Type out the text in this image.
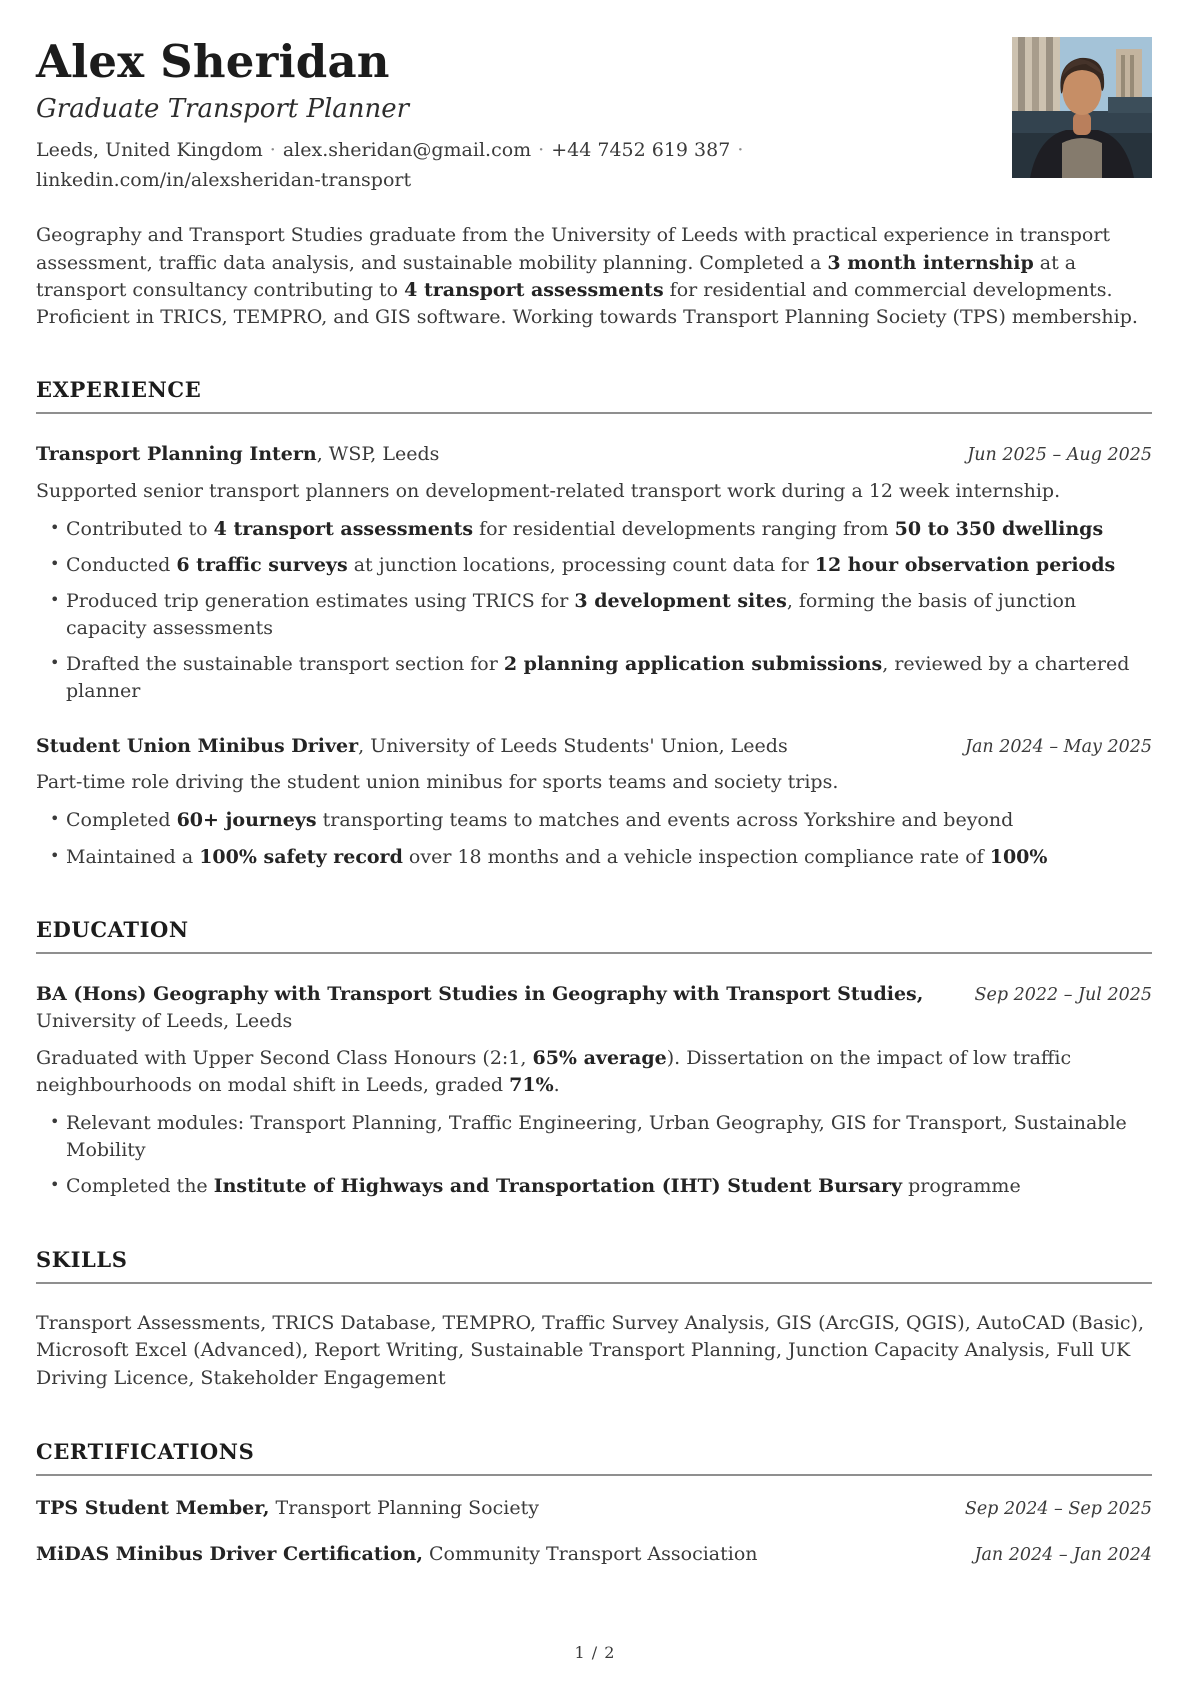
Alex Sheridan
Graduate Transport Planner
Leeds, United Kingdom · alex.sheridan@gmail.com · +44 7452 619 387 ·
linkedin.com/in/alexsheridan-transport

Geography and Transport Studies graduate from the University of Leeds with practical experience in transport assessment, traffic data analysis, and sustainable mobility planning. Completed a 3 month internship at a transport consultancy contributing to 4 transport assessments for residential and commercial developments. Proficient in TRICS, TEMPRO, and GIS software. Working towards Transport Planning Society (TPS) membership.

EXPERIENCE
Transport Planning Intern, WSP, Leeds	Jun 2025 – Aug 2025
Supported senior transport planners on development-related transport work during a 12 week internship.
• Contributed to 4 transport assessments for residential developments ranging from 50 to 350 dwellings
• Conducted 6 traffic surveys at junction locations, processing count data for 12 hour observation periods
• Produced trip generation estimates using TRICS for 3 development sites, forming the basis of junction capacity assessments
• Drafted the sustainable transport section for 2 planning application submissions, reviewed by a chartered planner
Student Union Minibus Driver, University of Leeds Students' Union, Leeds	Jan 2024 – May 2025
Part-time role driving the student union minibus for sports teams and society trips.
• Completed 60+ journeys transporting teams to matches and events across Yorkshire and beyond
• Maintained a 100% safety record over 18 months and a vehicle inspection compliance rate of 100%
EDUCATION
BA (Hons) Geography with Transport Studies in Geography with Transport Studies, University of Leeds, Leeds
Sep 2022 – Jul 2025
Graduated with Upper Second Class Honours (2:1, 65% average). Dissertation on the impact of low traffic neighbourhoods on modal shift in Leeds, graded 71%.
• Relevant modules: Transport Planning, Traffic Engineering, Urban Geography, GIS for Transport, Sustainable Mobility
• Completed the Institute of Highways and Transportation (IHT) Student Bursary programme
SKILLS

Transport Assessments, TRICS Database, TEMPRO, Traffic Survey Analysis, GIS (ArcGIS, QGIS), AutoCAD (Basic), Microsoft Excel (Advanced), Report Writing, Sustainable Transport Planning, Junction Capacity Analysis, Full UK Driving Licence, Stakeholder Engagement

CERTIFICATIONS
TPS Student Member, Transport Planning Society	Sep 2024 – Sep 2025
MiDAS Minibus Driver Certification, Community Transport Association	Jan 2024 – Jan 2024
1 / 2
